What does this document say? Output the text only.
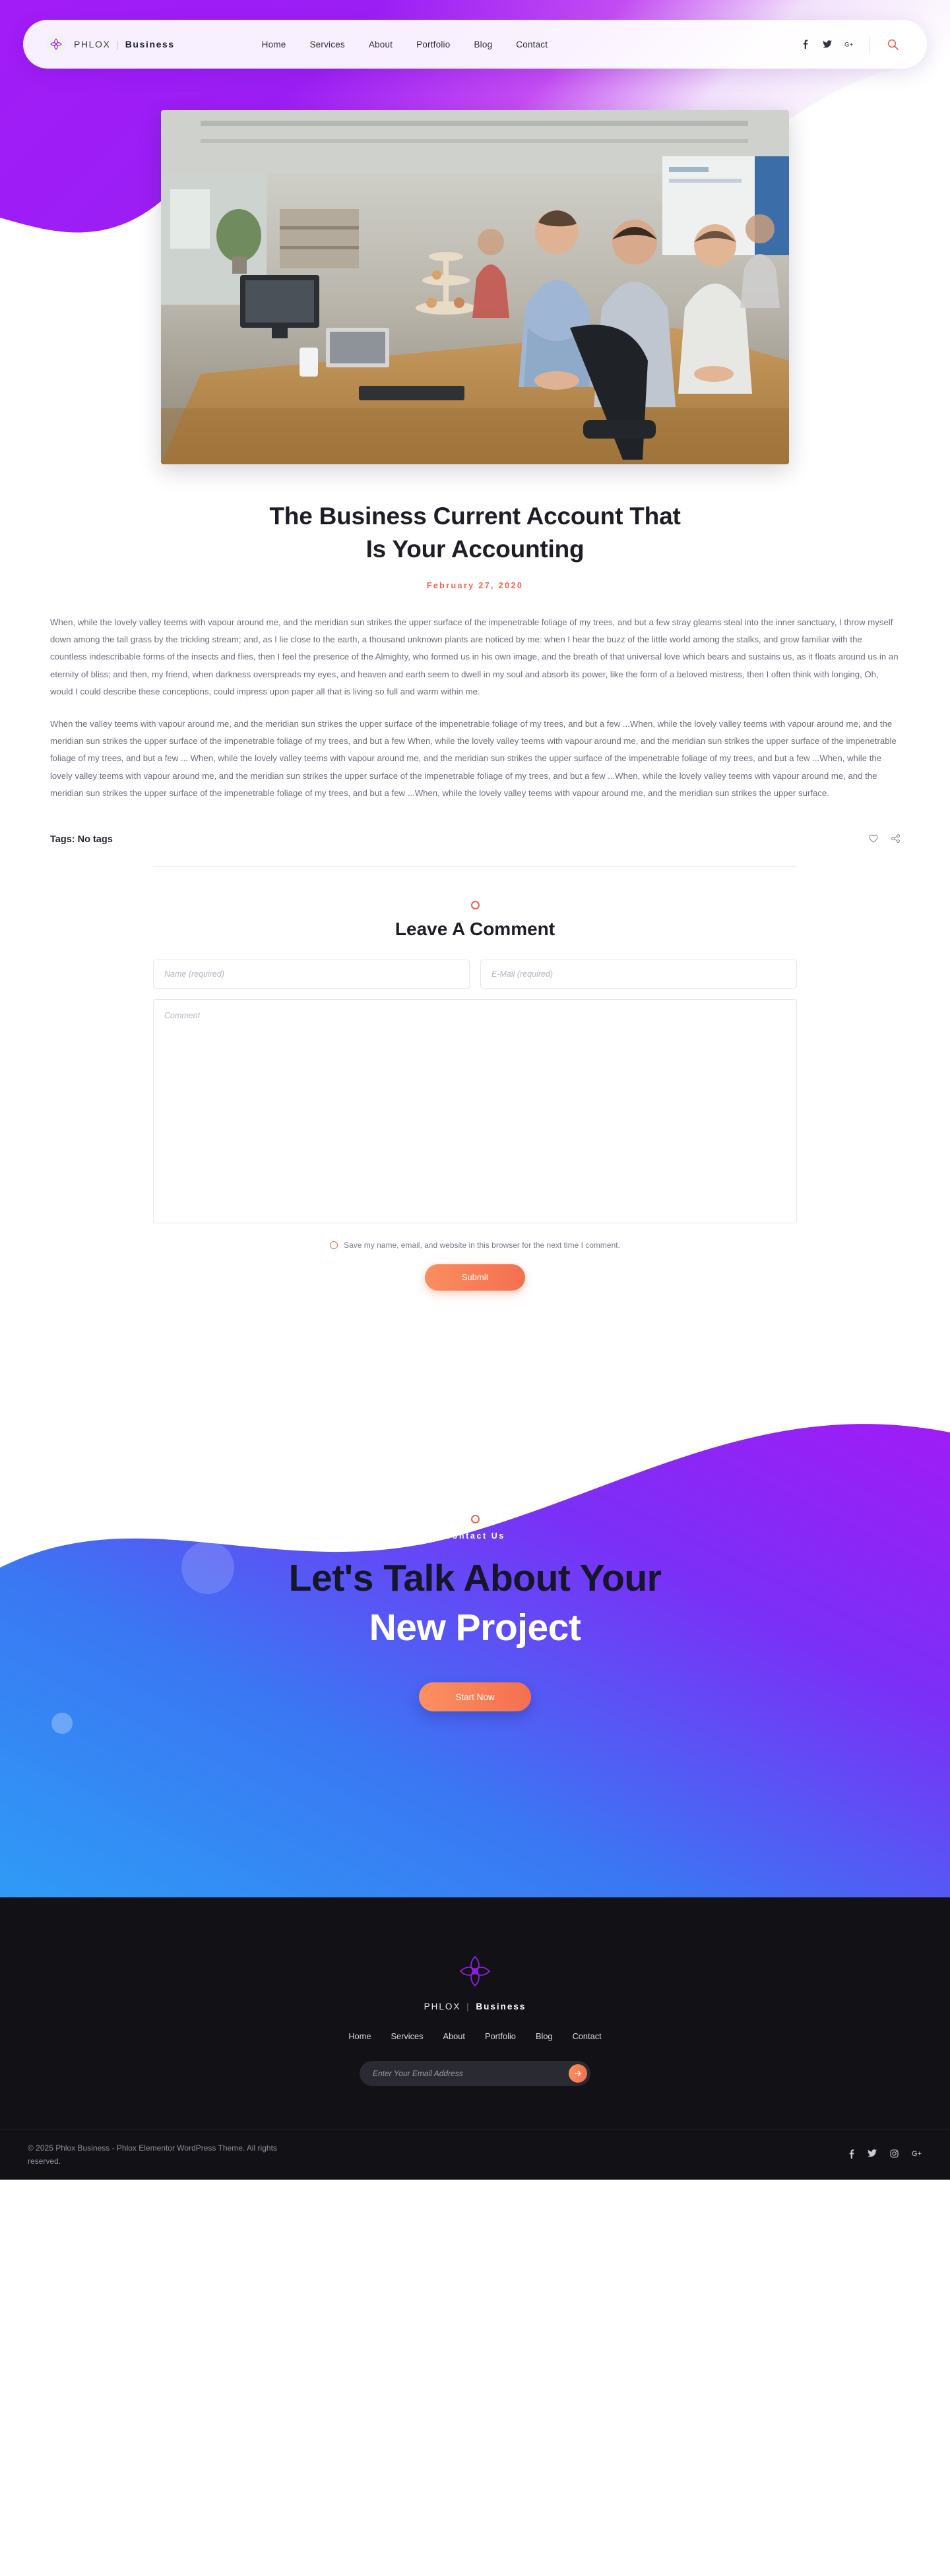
PHLOX | Business	Home	Services	About	Portfolio	Blog	Contact	G+
The Business Current Account That
Is Your Accounting
February 27, 2020

When, while the lovely valley teems with vapour around me, and the meridian sun strikes the upper surface of the impenetrable foliage of my trees, and but a few stray gleams steal into the inner sanctuary, I throw myself down among the tall grass by the trickling stream; and, as I lie close to the earth, a thousand unknown plants are noticed by me: when I hear the buzz of the little world among the stalks, and grow familiar with the countless indescribable forms of the insects and flies, then I feel the presence of the Almighty, who formed us in his own image, and the breath of that universal love which bears and sustains us, as it floats around us in an eternity of bliss; and then, my friend, when darkness overspreads my eyes, and heaven and earth seem to dwell in my soul and absorb its power, like the form of a beloved mistress, then I often think with longing, Oh, would I could describe these conceptions, could impress upon paper all that is living so full and warm within me.

When the valley teems with vapour around me, and the meridian sun strikes the upper surface of the impenetrable foliage of my trees, and but a few ...When, while the lovely valley teems with vapour around me, and the meridian sun strikes the upper surface of the impenetrable foliage of my trees, and but a few When, while the lovely valley teems with vapour around me, and the meridian sun strikes the upper surface of the impenetrable foliage of my trees, and but a few ... When, while the lovely valley teems with vapour around me, and the meridian sun strikes the upper surface of the impenetrable foliage of my trees, and but a few ...When, while the lovely valley teems with vapour around me, and the meridian sun strikes the upper surface of the impenetrable foliage of my trees, and but a few ...When, while the lovely valley teems with vapour around me, and the meridian sun strikes the upper surface of the impenetrable foliage of my trees, and but a few ...When, while the lovely valley teems with vapour around me, and the meridian sun strikes the upper surface.

Tags: No tags
Leave A Comment
Name (required)
E-Mail (required)
Comment
Save my name, email, and website in this browser for the next time I comment.
Submit
Contact Us
Let's Talk About Your
New Project
Start Now
PHLOX | Business
Home Services About Portfolio Blog Contact
Enter Your Email Address
© 2025 Phlox Business - Phlox Elementor WordPress Theme. All rights reserved.
G+
